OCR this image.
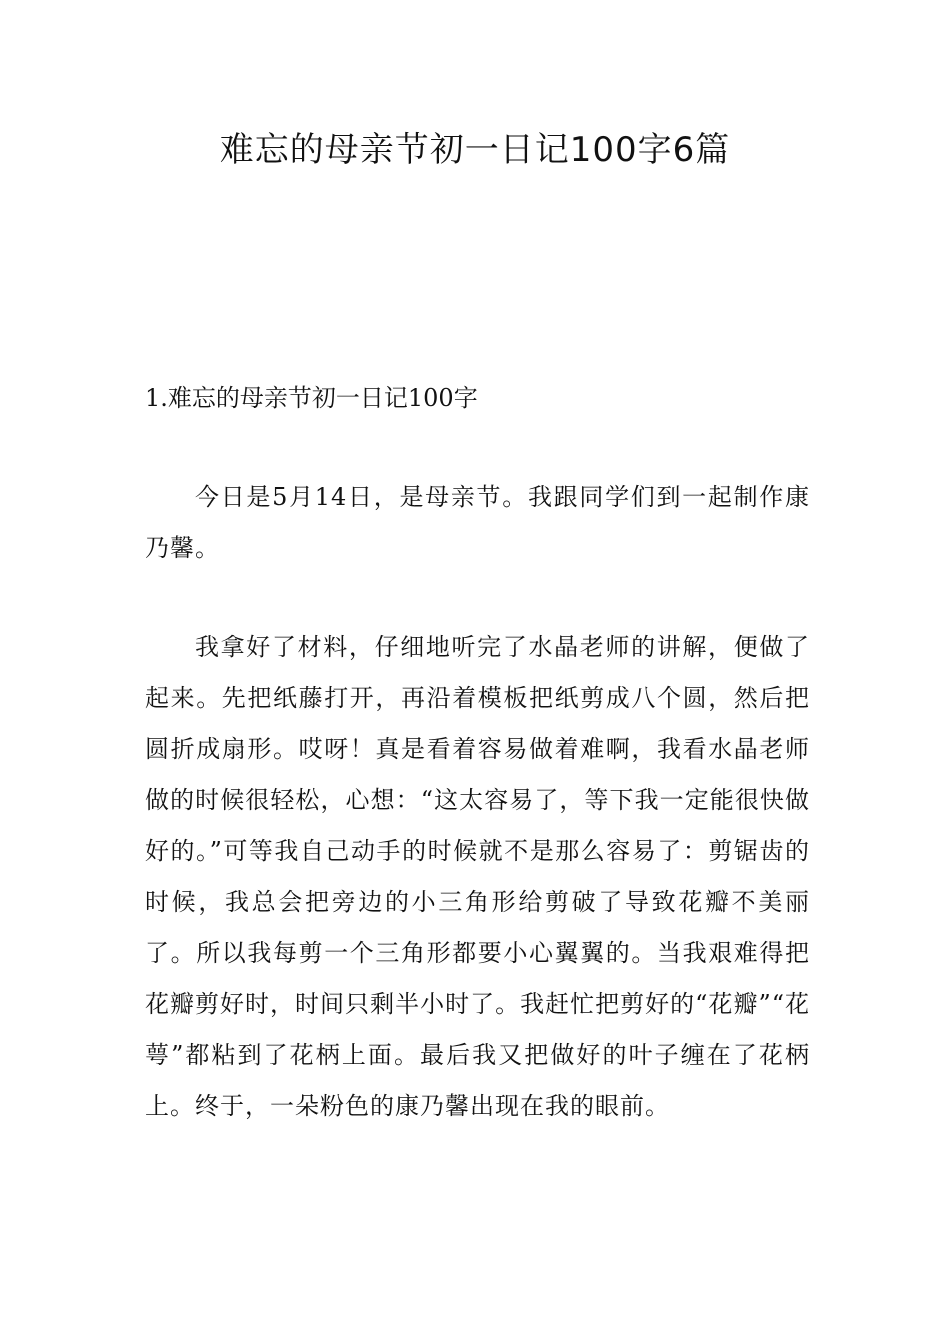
难忘的母亲节初一日记100字6篇
1.难忘的母亲节初一日记100字

今日是5月14日，是母亲节。我跟同学们到一起制作康乃馨。

我拿好了材料，仔细地听完了水晶老师的讲解，便做了起来。先把纸藤打开，再沿着模板把纸剪成八个圆，然后把圆折成扇形。哎呀！真是看着容易做着难啊，我看水晶老师做的时候很轻松，心想：“这太容易了，等下我一定能很快做好的。”可等我自己动手的时候就不是那么容易了：剪锯齿的时候，我总会把旁边的小三角形给剪破了导致花瓣不美丽了。所以我每剪一个三角形都要小心翼翼的。当我艰难得把花瓣剪好时，时间只剩半小时了。我赶忙把剪好的“花瓣”“花萼”都粘到了花柄上面。最后我又把做好的叶子缠在了花柄上。终于，一朵粉色的康乃馨出现在我的眼前。
